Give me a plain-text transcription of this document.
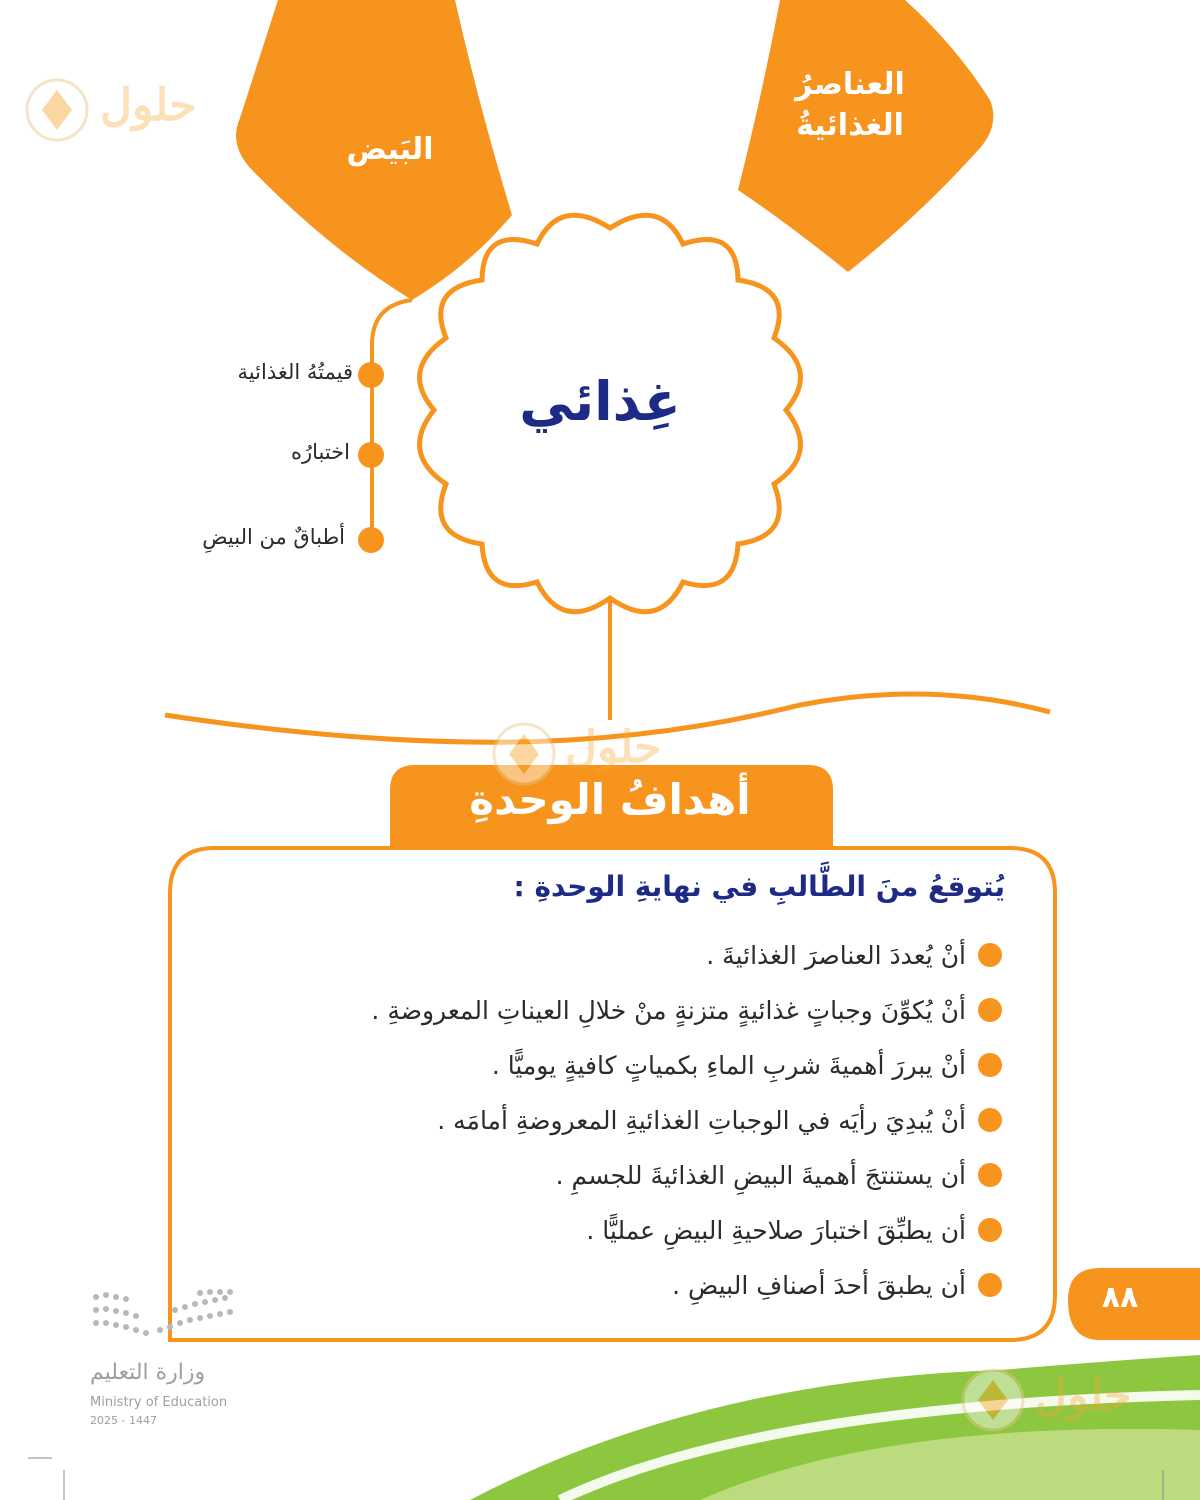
حلول
حلول
حلول
البَيض
العناصرُ
الغذائيةُ
غِذائي
قيمتُهُ الغذائية
اختبارُه
أطباقٌ من البيضِ
أهدافُ الوحدةِ
يُتوقعُ منَ الطَّالبِ في نهايةِ الوحدةِ :
أنْ يُعددَ العناصرَ الغذائيةَ .
أنْ يُكوِّنَ وجباتٍ غذائيةٍ متزنةٍ منْ خلالِ العيناتِ المعروضةِ .
أنْ يبررَ أهميةَ شربِ الماءِ بكمياتٍ كافيةٍ يوميًّا .
أنْ يُبدِيَ رأيَه في الوجباتِ الغذائيةِ المعروضةِ أمامَه .
أن يستنتجَ أهميةَ البيضِ الغذائيةَ للجسمِ .
أن يطبِّقَ اختبارَ صلاحيةِ البيضِ عمليًّا .
أن يطبقَ أحدَ أصنافِ البيضِ .	٨٨
وزارة التعليم
Ministry of Education
2025 - 1447
